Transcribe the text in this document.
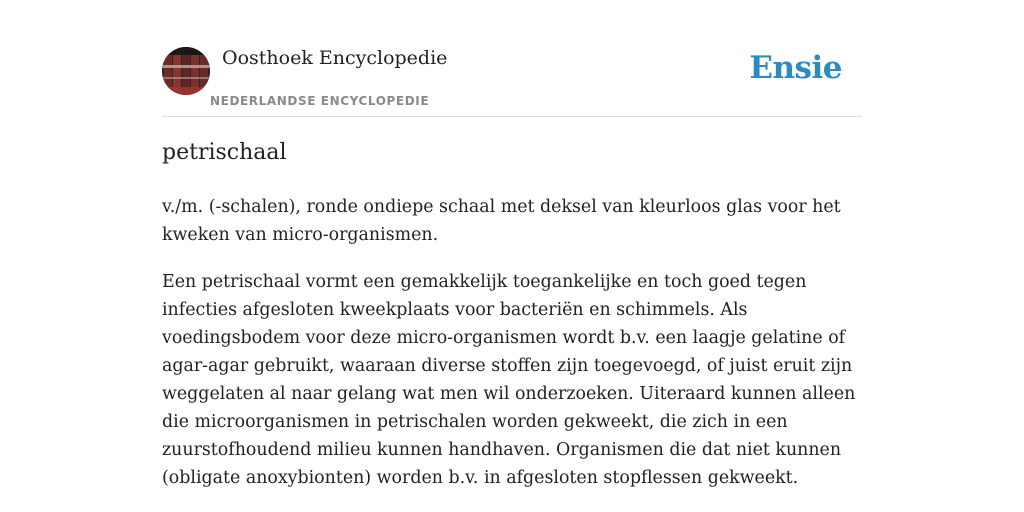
Oosthoek Encyclopedie
NEDERLANDSE ENCYCLOPEDIE
Ensie
petrischaal

v./m. (-schalen), ronde ondiepe schaal met deksel van kleurloos glas voor het kweken van micro-organismen.

Een petrischaal vormt een gemakkelijk toegankelijke en toch goed tegen infecties afgesloten kweekplaats voor bacteriën en schimmels. Als voedingsbodem voor deze micro-organismen wordt b.v. een laagje gelatine of agar-agar gebruikt, waaraan diverse stoffen zijn toegevoegd, of juist eruit zijn weggelaten al naar gelang wat men wil onderzoeken. Uiteraard kunnen alleen die microorganismen in petrischalen worden gekweekt, die zich in een zuurstofhoudend milieu kunnen handhaven. Organismen die dat niet kunnen (obligate anoxybionten) worden b.v. in afgesloten stopflessen gekweekt.
